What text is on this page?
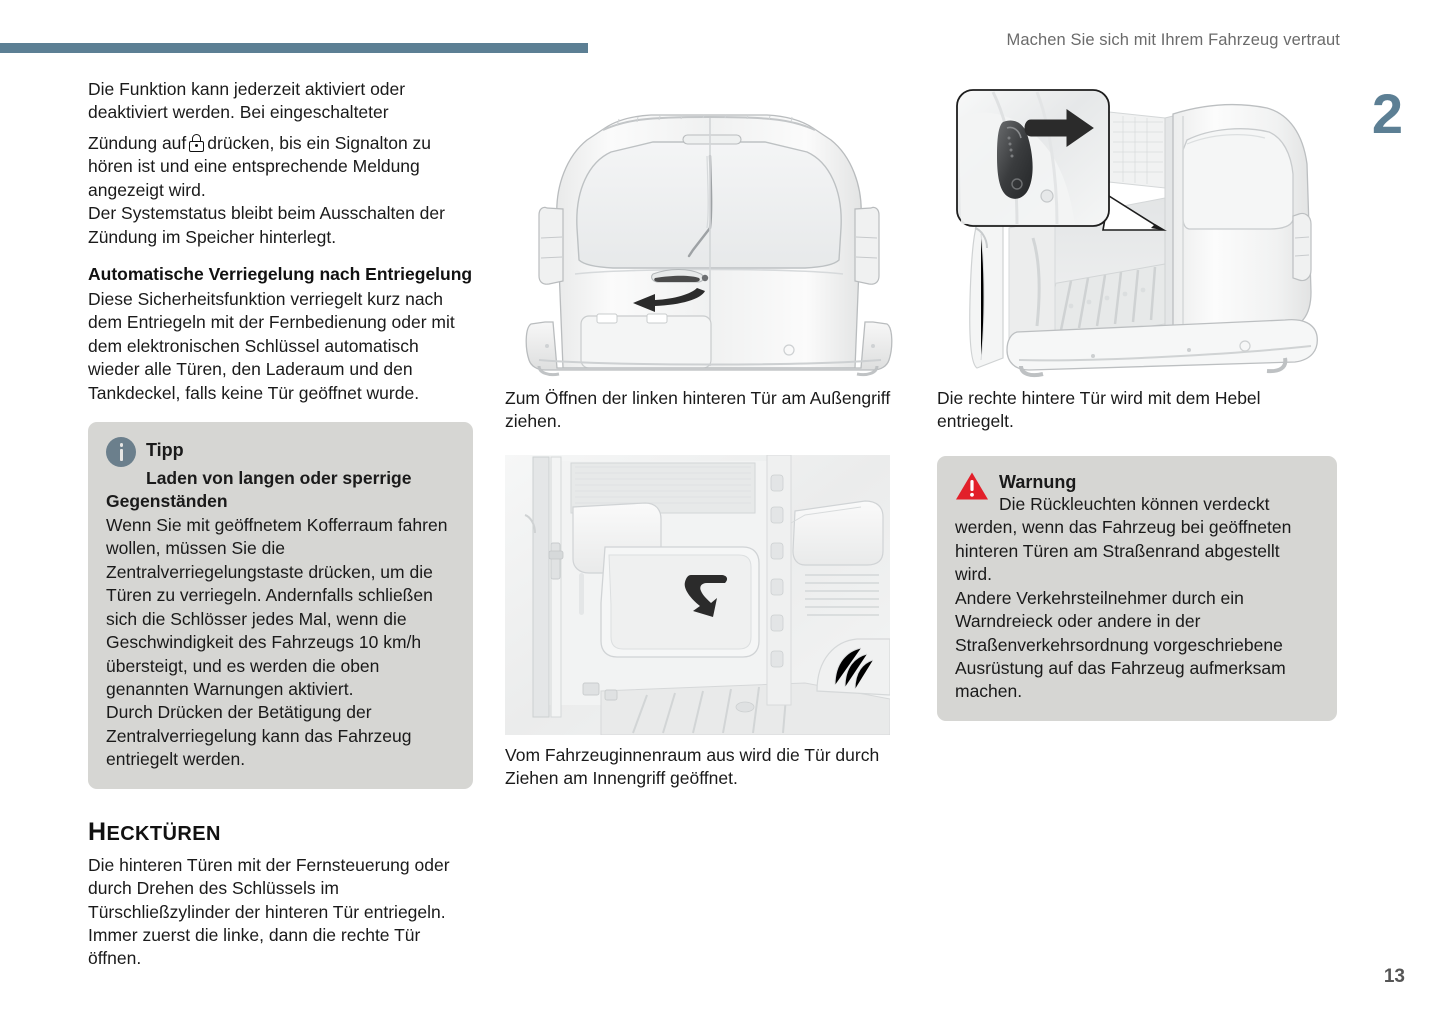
Machen Sie sich mit Ihrem Fahrzeug vertraut
2
13

Die Funktion kann jederzeit aktiviert oder deaktiviert werden. Bei eingeschalteter

Zündung auf drücken, bis ein Signalton zu hören ist und eine entsprechende Meldung angezeigt wird.

Der Systemstatus bleibt beim Ausschalten der Zündung im Speicher hinterlegt.

Automatische Verriegelung nach Entriegelung

Diese Sicherheitsfunktion verriegelt kurz nach dem Entriegeln mit der Fernbedienung oder mit dem elektronischen Schlüssel automatisch wieder alle Türen, den Laderaum und den Tankdeckel, falls keine Tür geöffnet wurde.

Tipp
Laden von langen oder sperrige Gegenständen

Wenn Sie mit geöffnetem Kofferraum fahren wollen, müssen Sie die Zentralverriegelungstaste drücken, um die Türen zu verriegeln. Andernfalls schließen sich die Schlösser jedes Mal, wenn die Geschwindigkeit des Fahrzeugs 10 km/h übersteigt, und es werden die oben genannten Warnungen aktiviert.

Durch Drücken der Betätigung der Zentralverriegelung kann das Fahrzeug entriegelt werden.

HECKTÜREN

Die hinteren Türen mit der Fernsteuerung oder durch Drehen des Schlüssels im Türschließzylinder der hinteren Tür entriegeln. Immer zuerst die linke, dann die rechte Tür öffnen.

Zum Öffnen der linken hinteren Tür am Außengriff ziehen.
Vom Fahrzeuginnenraum aus wird die Tür durch Ziehen am Innengriff geöffnet.
Die rechte hintere Tür wird mit dem Hebel entriegelt.
Warnung
Die Rückleuchten können verdeckt werden, wenn das Fahrzeug bei geöffneten hinteren Türen am Straßenrand abgestellt wird.
Andere Verkehrsteilnehmer durch ein Warndreieck oder andere in der Straßenverkehrsordnung vorgeschriebene Ausrüstung auf das Fahrzeug aufmerksam machen.
